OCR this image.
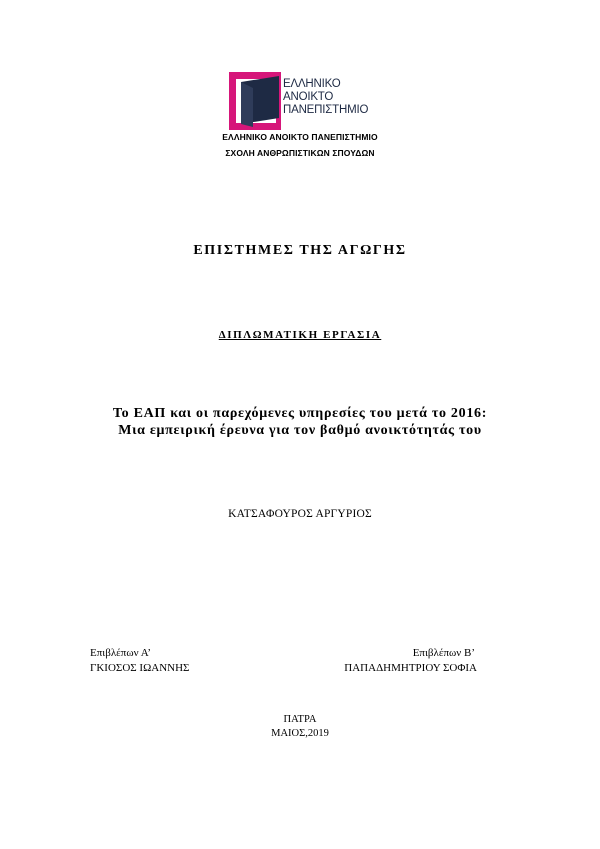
ΕΛΛΗΝΙΚΟ
ΑΝΟΙΚΤΟ
ΠΑΝΕΠΙΣΤΗΜΙΟ
ΕΛΛΗΝΙΚΟ ΑΝΟΙΚΤΟ ΠΑΝΕΠΙΣΤΗΜΙΟ
ΣΧΟΛΗ ΑΝΘΡΩΠΙΣΤΙΚΩΝ ΣΠΟΥΔΩΝ
ΕΠΙΣΤΗΜΕΣ ΤΗΣ ΑΓΩΓΗΣ
ΔΙΠΛΩΜΑΤΙΚΗ ΕΡΓΑΣΙΑ
Το ΕΑΠ και οι παρεχόμενες υπηρεσίες του μετά το 2016:
Μια εμπειρική έρευνα για τον βαθμό ανοικτότητάς του
ΚΑΤΣΑΦΟΥΡΟΣ ΑΡΓΥΡΙΟΣ
Επιβλέπων Α’
ΓΚΙΟΣΟΣ ΙΩΑΝΝΗΣ
Επιβλέπων Β’
ΠΑΠΑΔΗΜΗΤΡΙΟΥ ΣΟΦΙΑ
ΠΑΤΡΑ
ΜΑΙΟΣ,2019
